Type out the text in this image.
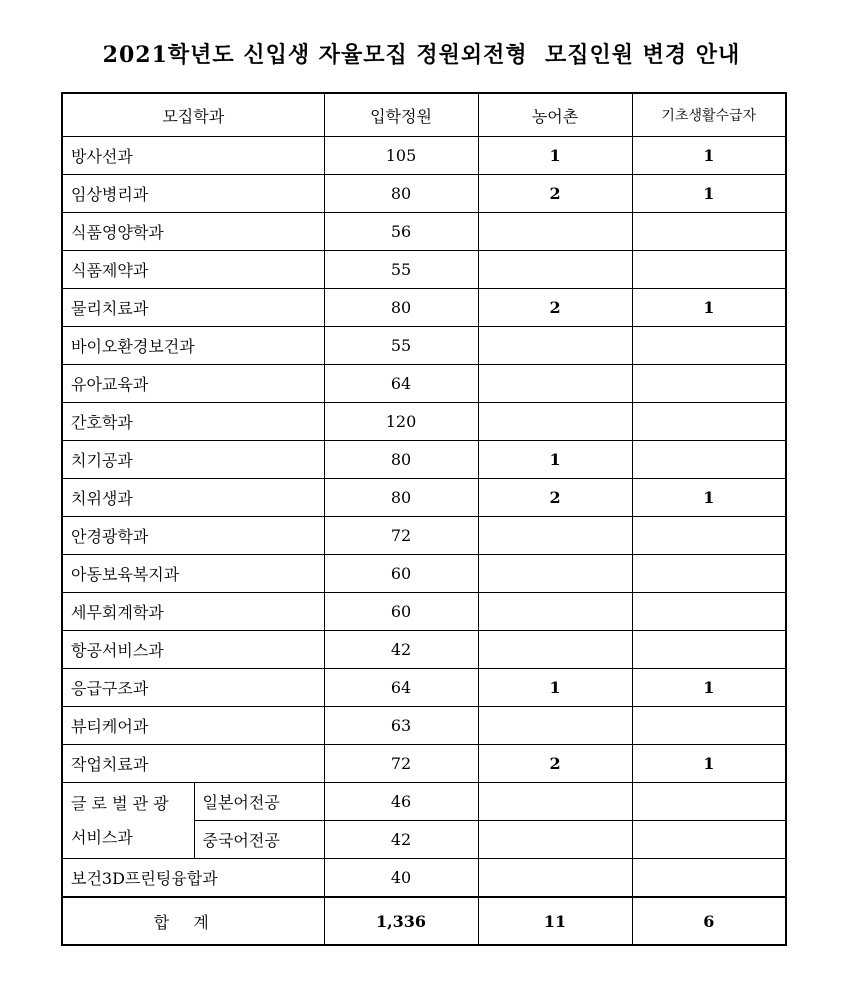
2021학년도 신입생 자율모집 정원외전형  모집인원 변경 안내
모집학과		입학정원	농어촌	기초생활수급자
방사선과		105	1	1
임상병리과		80	2	1
식품영양학과		56		
식품제약과		55		
물리치료과		80	2	1
바이오환경보건과		55		
유아교육과		64		
간호학과		120		
치기공과		80	1	
치위생과		80	2	1
안경광학과		72		
아동보육복지과		60		
세무회계학과		60		
항공서비스과		42		
응급구조과		64	1	1
뷰티케어과		63		
작업치료과		72	2	1

글 로 벌 관 광
서비스과	일본어전공	46		
	중국어전공	42		
보건3D프린팅융합과		40		
합계		1,336	11	6
